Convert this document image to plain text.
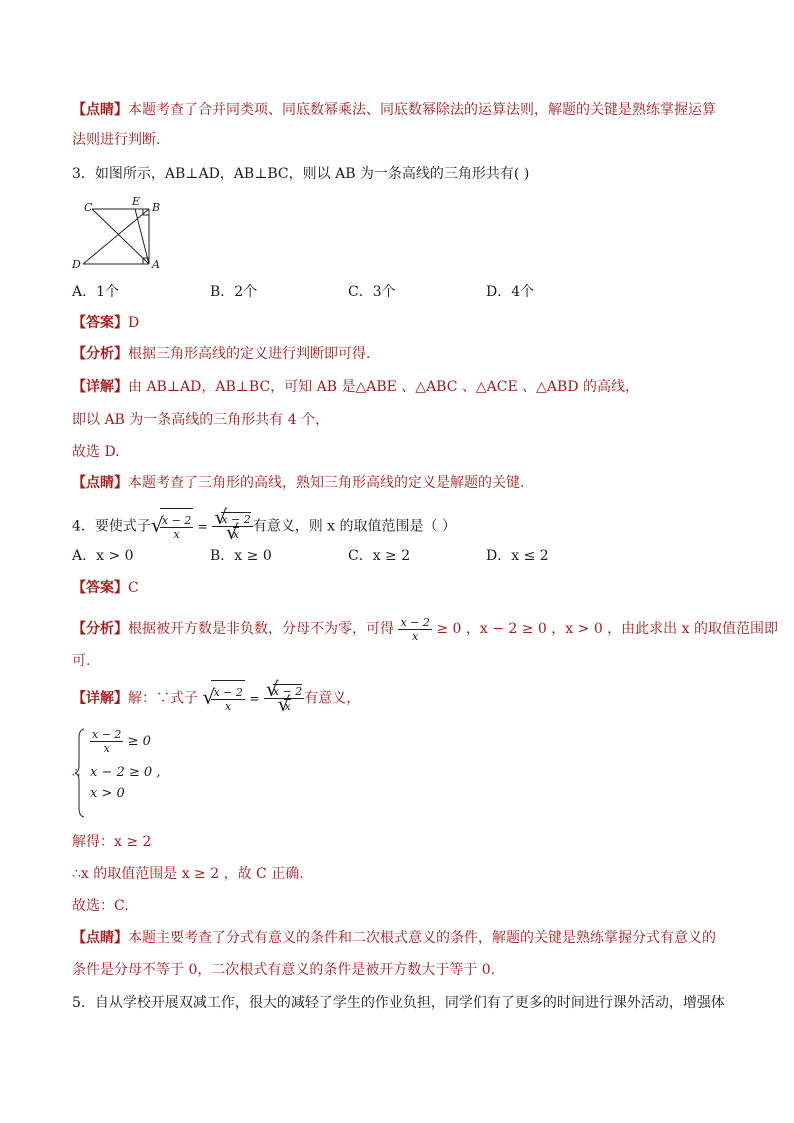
【点睛】本题考查了合并同类项、同底数幂乘法、同底数幂除法的运算法则，解题的关键是熟练掌握运算
法则进行判断.
3．如图所示，AB⊥AD，AB⊥BC，则以 AB 为一条高线的三角形共有( )
C	E B
D	A
A．1个	B．2个	C．3个	D．4个
【答案】D
【分析】根据三角形高线的定义进行判断即可得.
【详解】由 AB⊥AD，AB⊥BC，可知 AB 是△ABE 、△ABC 、△ACE 、△ABD 的高线，
即以 AB 为一条高线的三角形共有 4 个，
故选 D.
【点睛】本题考查了三角形的高线，熟知三角形高线的定义是解题的关键.
4．要使式子 √ $\frac{x - 2}{x}$ = √ x − 2
√ x 有意义，则 x 的取值范围是（ ）
A．x > 0	B．x ≥ 0	C．x ≥ 2	D．x ≤ 2
【答案】C
【分析】根据被开方数是非负数，分母不为零，可得 $\frac{x - 2}{x} \ge 0$ ，x − 2 ≥ 0 ，x > 0 ，由此求出 x 的取值范围即
可.
【详解】解：∵式子 √ $\frac{x - 2}{x}$ = √ x − 2
√ x 有意义，
∴
$\frac{x - 2}{x} \ge 0$
x − 2 ≥ 0 ,
x > 0
解得：x ≥ 2
∴x 的取值范围是 x ≥ 2 ，故 C 正确.
故选：C.
【点睛】本题主要考查了分式有意义的条件和二次根式意义的条件，解题的关键是熟练掌握分式有意义的
条件是分母不等于 0，二次根式有意义的条件是被开方数大于等于 0.
5．自从学校开展双减工作，很大的减轻了学生的作业负担，同学们有了更多的时间进行课外活动，增强体
